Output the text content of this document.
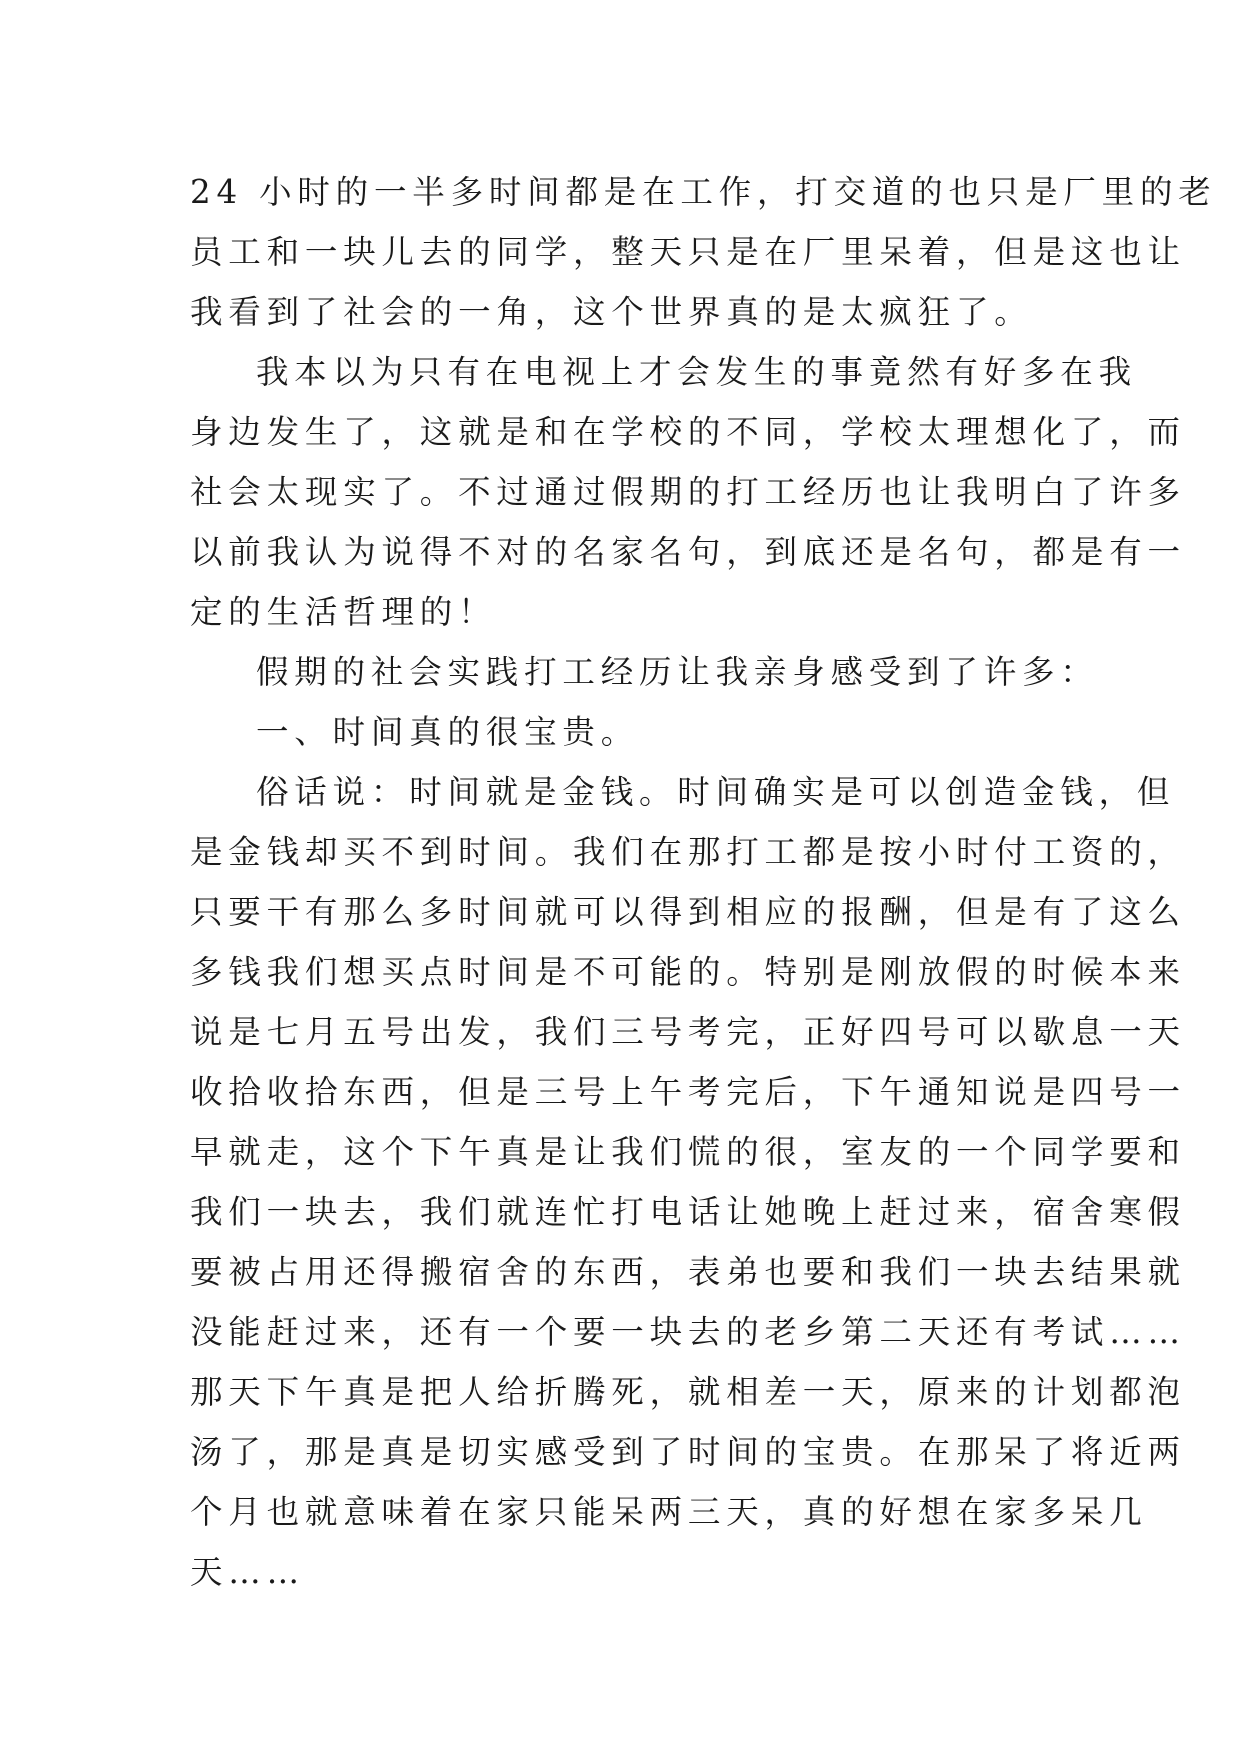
24 小时的一半多时间都是在工作，打交道的也只是厂里的老
员工和一块儿去的同学，整天只是在厂里呆着，但是这也让
我看到了社会的一角，这个世界真的是太疯狂了。
我本以为只有在电视上才会发生的事竟然有好多在我
身边发生了，这就是和在学校的不同，学校太理想化了，而
社会太现实了。不过通过假期的打工经历也让我明白了许多
以前我认为说得不对的名家名句，到底还是名句，都是有一
定的生活哲理的！
假期的社会实践打工经历让我亲身感受到了许多：
一、时间真的很宝贵。
俗话说：时间就是金钱。时间确实是可以创造金钱，但
是金钱却买不到时间。我们在那打工都是按小时付工资的，
只要干有那么多时间就可以得到相应的报酬，但是有了这么
多钱我们想买点时间是不可能的。特别是刚放假的时候本来
说是七月五号出发，我们三号考完，正好四号可以歇息一天
收拾收拾东西，但是三号上午考完后，下午通知说是四号一
早就走，这个下午真是让我们慌的很，室友的一个同学要和
我们一块去，我们就连忙打电话让她晚上赶过来，宿舍寒假
要被占用还得搬宿舍的东西，表弟也要和我们一块去结果就
没能赶过来，还有一个要一块去的老乡第二天还有考试……
那天下午真是把人给折腾死，就相差一天，原来的计划都泡
汤了，那是真是切实感受到了时间的宝贵。在那呆了将近两
个月也就意味着在家只能呆两三天，真的好想在家多呆几
天……
